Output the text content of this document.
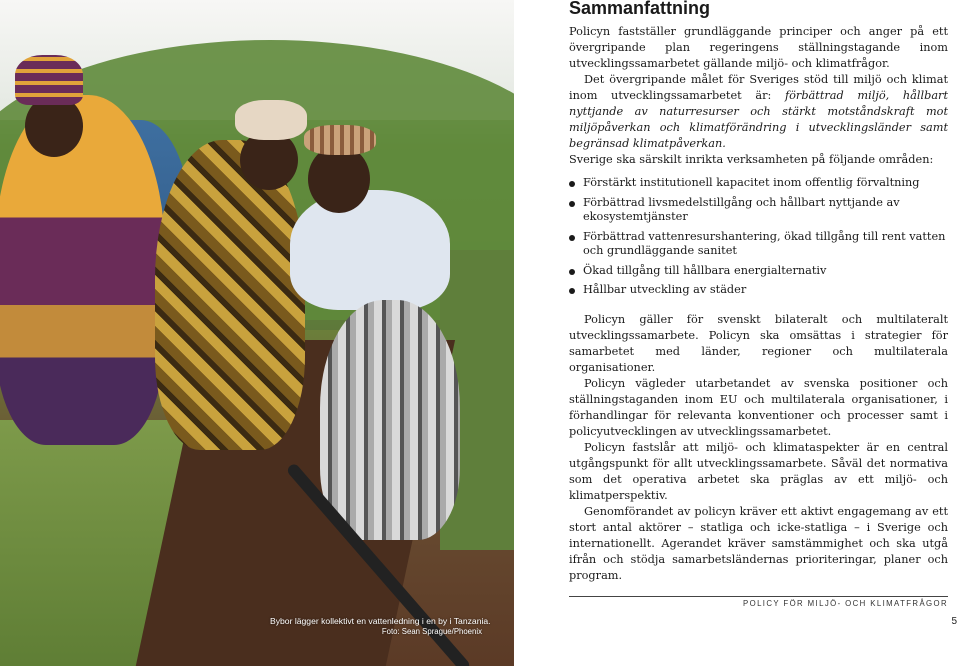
Bybor lägger kollektivt en vattenledning i en by i Tanzania.
Foto: Sean Sprague/Phoenix
Sammanfattning

Policyn fastställer grundläggande principer och anger på ett övergripande plan regeringens ställningstagande inom utvecklingssamarbetet gällande miljö- och klimatfrågor.

Det övergripande målet för Sveriges stöd till miljö och klimat inom utvecklingssamarbetet är: förbättrad miljö, hållbart nyttjande av naturresurser och stärkt motståndskraft mot miljöpåverkan och klimatförändring i utvecklingsländer samt begränsad klimatpåverkan.

Sverige ska särskilt inrikta verksamheten på följande områden:

Förstärkt institutionell kapacitet inom offentlig förvaltning
Förbättrad livsmedelstillgång och hållbart nyttjande av ekosystemtjänster
Förbättrad vattenresurshantering, ökad tillgång till rent vatten och grundläggande sanitet
Ökad tillgång till hållbara energialternativ
Hållbar utveckling av städer

Policyn gäller för svenskt bilateralt och multilateralt utvecklingssamarbete. Policyn ska omsättas i strategier för samarbetet med länder, regioner och multilaterala organisationer.

Policyn vägleder utarbetandet av svenska positioner och ställningstaganden inom EU och multilaterala organisationer, i förhandlingar för relevanta konventioner och processer samt i policyutvecklingen av utvecklingssamarbetet.

Policyn fastslår att miljö- och klimataspekter är en central utgångspunkt för allt utvecklingssamarbete. Såväl det normativa som det operativa arbetet ska präglas av ett miljö- och klimatperspektiv.

Genomförandet av policyn kräver ett aktivt engagemang av ett stort antal aktörer – statliga och icke-statliga – i Sverige och internationellt. Agerandet kräver samstämmighet och ska utgå ifrån och stödja samarbetsländernas prioriteringar, planer och program.

POLICY FÖR MILJÖ- OCH KLIMATFRÅGOR
5
